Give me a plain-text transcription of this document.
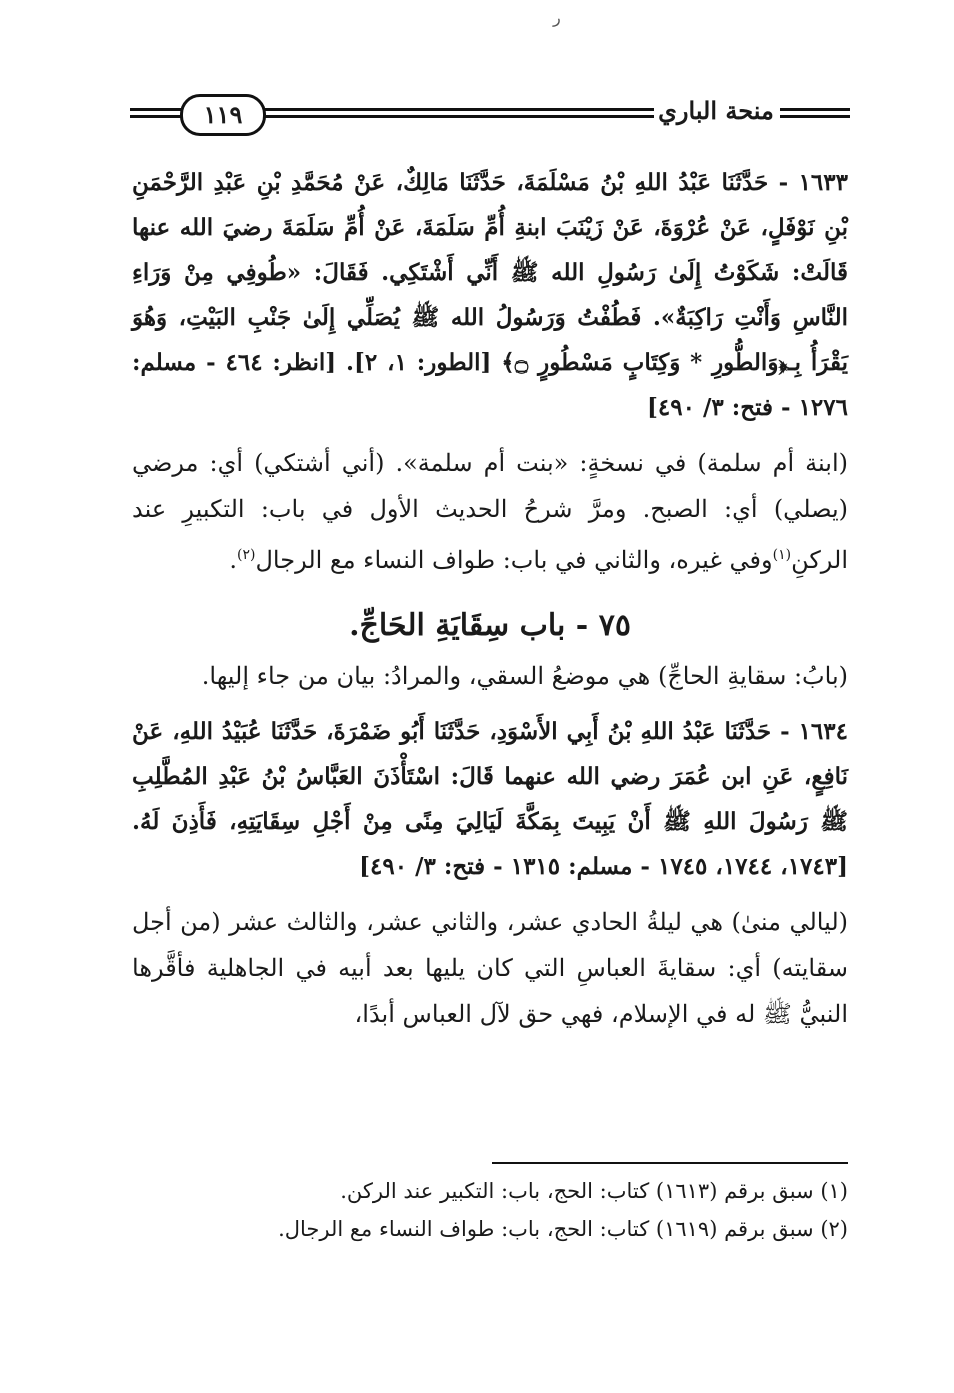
ر
١١٩	منحة الباري

١٦٣٣ - حَدَّثَنَا عَبْدُ اللهِ بْنُ مَسْلَمَةَ، حَدَّثَنَا مَالِكٌ، عَنْ مُحَمَّدِ بْنِ عَبْدِ الرَّحْمَنِ بْنِ نَوْفَلٍ، عَنْ عُرْوَةَ، عَنْ زَيْنَبَ ابنةِ أُمِّ سَلَمَةَ، عَنْ أُمِّ سَلَمَةَ رضيَ الله عنها قَالَتْ: شَكَوْتُ إِلَىٰ رَسُولِ الله ﷺ أَنِّي أَشْتَكِي. فَقَالَ: «طُوفِي مِنْ وَرَاءِ النَّاسِ وَأَنْتِ رَاكِبَةٌ». فَطُفْتُ وَرَسُولُ الله ﷺ يُصَلِّي إِلَىٰ جَنْبِ البَيْتِ، وَهُوَ يَقْرَأُ بِـ﴿وَالطُّورِ * وَكِتَابٍ مَسْطُورٍ ۝﴾ [الطور: ١، ٢]. [انظر: ٤٦٤ - مسلم: ١٢٧٦ - فتح: ٣/ ٤٩٠]

(ابنة أم سلمة) في نسخةٍ: «بنت أم سلمة». (أني أشتكي) أي: مرضي (يصلي) أي: الصبح. ومرَّ شرحُ الحديث الأول في باب: التكبيرِ عند الركنِ$^{(١)}$وفي غيره، والثاني في باب: طواف النساء مع الرجال$^{(٢)}$.

٧٥ - باب سِقَايَةِ الحَاجِّ.

(بابُ: سقايةِ الحاجِّ) هي موضعُ السقي، والمرادُ: بيان من جاء إليها.

١٦٣٤ - حَدَّثَنَا عَبْدُ اللهِ بْنُ أَبِي الأَسْوَدِ، حَدَّثَنَا أَبُو ضَمْرَةَ، حَدَّثَنَا عُبَيْدُ اللهِ، عَنْ نَافِعٍ، عَنِ ابن عُمَرَ رضي الله عنهما قَالَ: اسْتَأْذَنَ العَبَّاسُ بْنُ عَبْدِ المُطَّلِبِ ﷺ رَسُولَ اللهِ ﷺ أَنْ يَبِيتَ بِمَكَّةَ لَيَالِيَ مِنًى مِنْ أَجْلِ سِقَايَتِهِ، فَأَذِنَ لَهُ. [١٧٤٣، ١٧٤٤، ١٧٤٥ - مسلم: ١٣١٥ - فتح: ٣/ ٤٩٠]

(ليالي منىٰ) هي ليلةُ الحادي عشر، والثاني عشر، والثالث عشر (من أجل سقايته) أي: سقايةَ العباسِ التي كان يليها بعد أبيه في الجاهلية فأقَّرها النبيُّ ﷺ له في الإسلام، فهي حق لآل العباس أبدًا،

(١) سبق برقم (١٦١٣) كتاب: الحج، باب: التكبير عند الركن.

(٢) سبق برقم (١٦١٩) كتاب: الحج، باب: طواف النساء مع الرجال.
